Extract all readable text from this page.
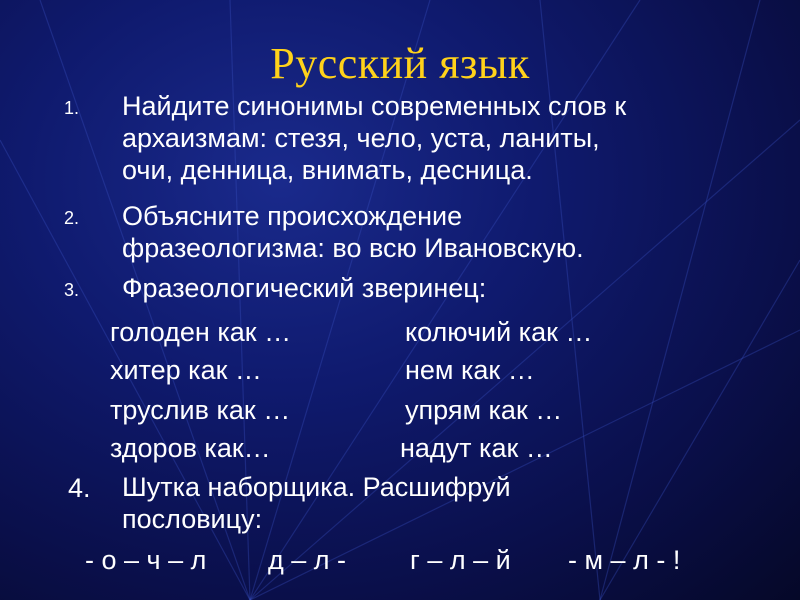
Русский язык
1. Найдите синонимы современных слов к
архаизмам: стезя, чело, уста, ланиты,
очи, денница, внимать, десница.
2. Объясните происхождение
фразеологизма: во всю Ивановскую.
3. Фразеологический зверинец:
голоден как …	колючий как …
хитер как …	нем как …
труслив как …	упрям как …
здоров как…	надут как …
4. Шутка наборщика. Расшифруй
пословицу:
- о – ч – л д – л - г – л – й - м – л - !
